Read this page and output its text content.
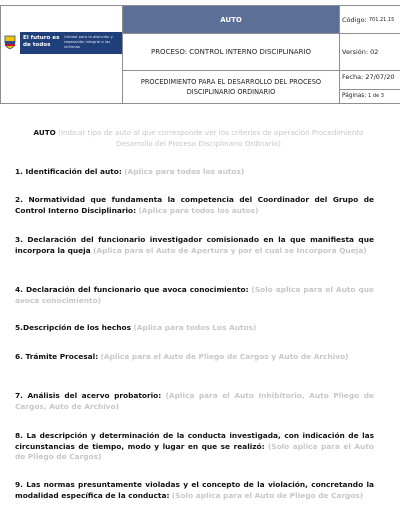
El futuro es de todos
Unidad para la atención y reparación integral a las víctimas
AUTO
PROCESO: CONTROL INTERNO DISCIPLINARIO
PROCEDIMIENTO PARA EL DESARROLLO DEL PROCESO DISCIPLINARIO ORDINARIO
Código:
701.21.15
Versión: 02
Fecha: 27/07/20
Páginas: 1 de 3
AUTO (Indicar tipo de auto al que corresponde ver los criterios de operación Procedimiento Desarrollo del Proceso Disciplinario Ordinario)
1. Identificación del auto: (Aplica para todos los autos)
2. Normatividad que fundamenta la competencia del Coordinador del Grupo de Control Interno Disciplinario: (Aplica para todos los autos)
3. Declaración del funcionario investigador comisionado en la que manifiesta que incorpora la queja (Aplica para el Auto de Apertura y por el cual se Incorpora Queja)
4. Declaración del funcionario que avoca conocimiento: (Solo aplica para el Auto que avoca conocimiento)
5.Descripción de los hechos (Aplica para todos Los Autos)
6. Trámite Procesal: (Aplica para el Auto de Pliego de Cargos y Auto de Archivo)
7. Análisis del acervo probatorio: (Aplica para el Auto Inhibitorio, Auto Pliego de Cargos, Auto de Archivo)
8. La descripción y determinación de la conducta investigada, con indicación de las circunstancias de tiempo, modo y lugar en que se realizó: (Solo aplica para el Auto de Pliego de Cargos)
9. Las normas presuntamente violadas y el concepto de la violación, concretando la modalidad específica de la conducta: (Solo aplica para el Auto de Pliego de Cargos)
